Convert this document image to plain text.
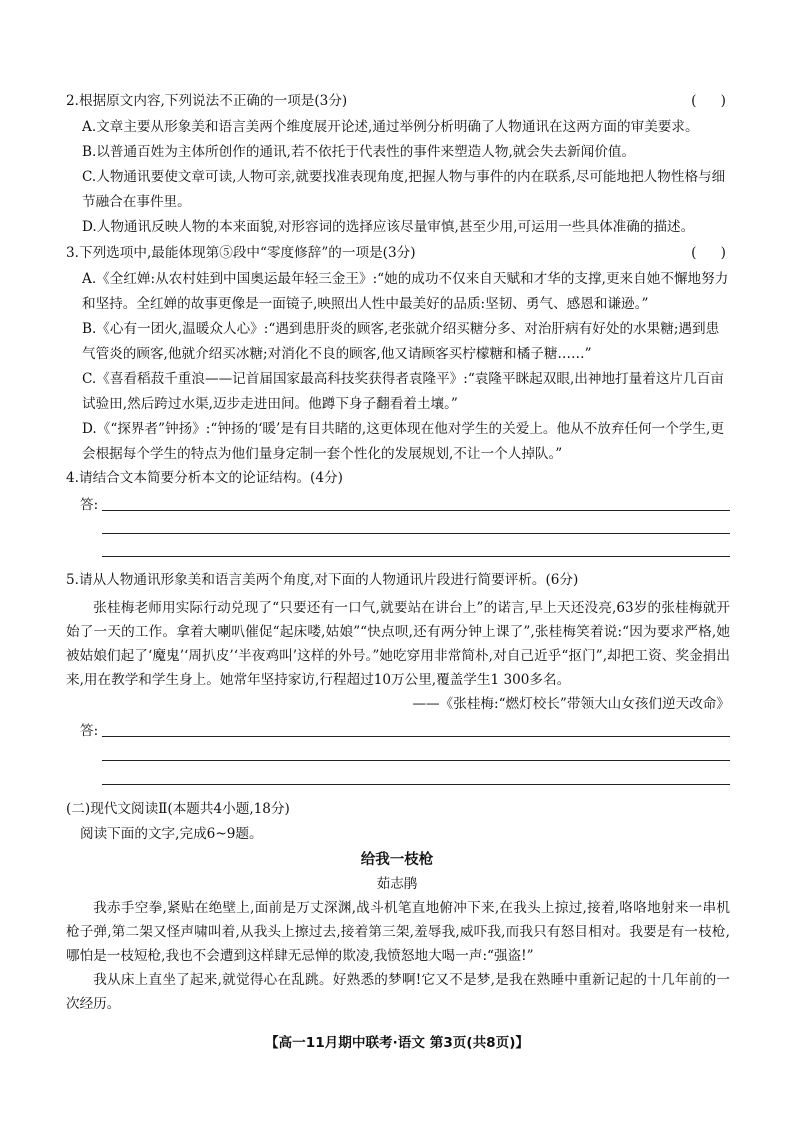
2.根据原文内容,下列说法不正确的一项是(3分)	( )

A.文章主要从形象美和语言美两个维度展开论述,通过举例分析明确了人物通讯在这两方面的审美要求。

B.以普通百姓为主体所创作的通讯,若不依托于代表性的事件来塑造人物,就会失去新闻价值。

C.人物通讯要使文章可读,人物可亲,就要找准表现角度,把握人物与事件的内在联系,尽可能地把人物性格与细节融合在事件里。

D.人物通讯反映人物的本来面貌,对形容词的选择应该尽量审慎,甚至少用,可运用一些具体准确的描述。

3.下列选项中,最能体现第⑤段中“零度修辞”的一项是(3分)	( )

A.《全红婵:从农村娃到中国奥运最年轻三金王》:“她的成功不仅来自天赋和才华的支撑,更来自她不懈地努力和坚持。全红婵的故事更像是一面镜子,映照出人性中最美好的品质:坚韧、勇气、感恩和谦逊。”

B.《心有一团火,温暖众人心》:“遇到患肝炎的顾客,老张就介绍买糖分多、对治肝病有好处的水果糖;遇到患气管炎的顾客,他就介绍买冰糖;对消化不良的顾客,他又请顾客买柠檬糖和橘子糖……”

C.《喜看稻菽千重浪——记首届国家最高科技奖获得者袁隆平》:“袁隆平眯起双眼,出神地打量着这片几百亩试验田,然后跨过水渠,迈步走进田间。他蹲下身子翻看着土壤。”

D.《“探界者”钟扬》:“钟扬的‘暖’是有目共睹的,这更体现在他对学生的关爱上。他从不放弃任何一个学生,更会根据每个学生的特点为他们量身定制一套个性化的发展规划,不让一个人掉队。”

4.请结合文本简要分析本文的论证结构。(4分)
答:
5.请从人物通讯形象美和语言美两个角度,对下面的人物通讯片段进行简要评析。(6分)

张桂梅老师用实际行动兑现了“只要还有一口气,就要站在讲台上”的诺言,早上天还没亮,63岁的张桂梅就开始了一天的工作。拿着大喇叭催促“起床喽,姑娘”“快点呗,还有两分钟上课了”,张桂梅笑着说:“因为要求严格,她被姑娘们起了‘魔鬼’‘周扒皮’‘半夜鸡叫’这样的外号。”她吃穿用非常简朴,对自己近乎“抠门”,却把工资、奖金捐出来,用在教学和学生身上。她常年坚持家访,行程超过10万公里,覆盖学生1 300多名。

——《张桂梅:“燃灯校长”带领大山女孩们逆天改命》
答:
(二)现代文阅读Ⅱ(本题共4小题,18分)
阅读下面的文字,完成6~9题。
给我一枝枪
茹志鹃

我赤手空拳,紧贴在绝壁上,面前是万丈深渊,战斗机笔直地俯冲下来,在我头上掠过,接着,咯咯地射来一串机枪子弹,第二架又怪声啸叫着,从我头上擦过去,接着第三架,羞辱我,威吓我,而我只有怒目相对。我要是有一枝枪,哪怕是一枝短枪,我也不会遭到这样肆无忌惮的欺凌,我愤怒地大喝一声:“强盗!”

我从床上直坐了起来,就觉得心在乱跳。好熟悉的梦啊!它又不是梦,是我在熟睡中重新记起的十几年前的一次经历。

【高一11月期中联考·语文 第3页(共8页)】
